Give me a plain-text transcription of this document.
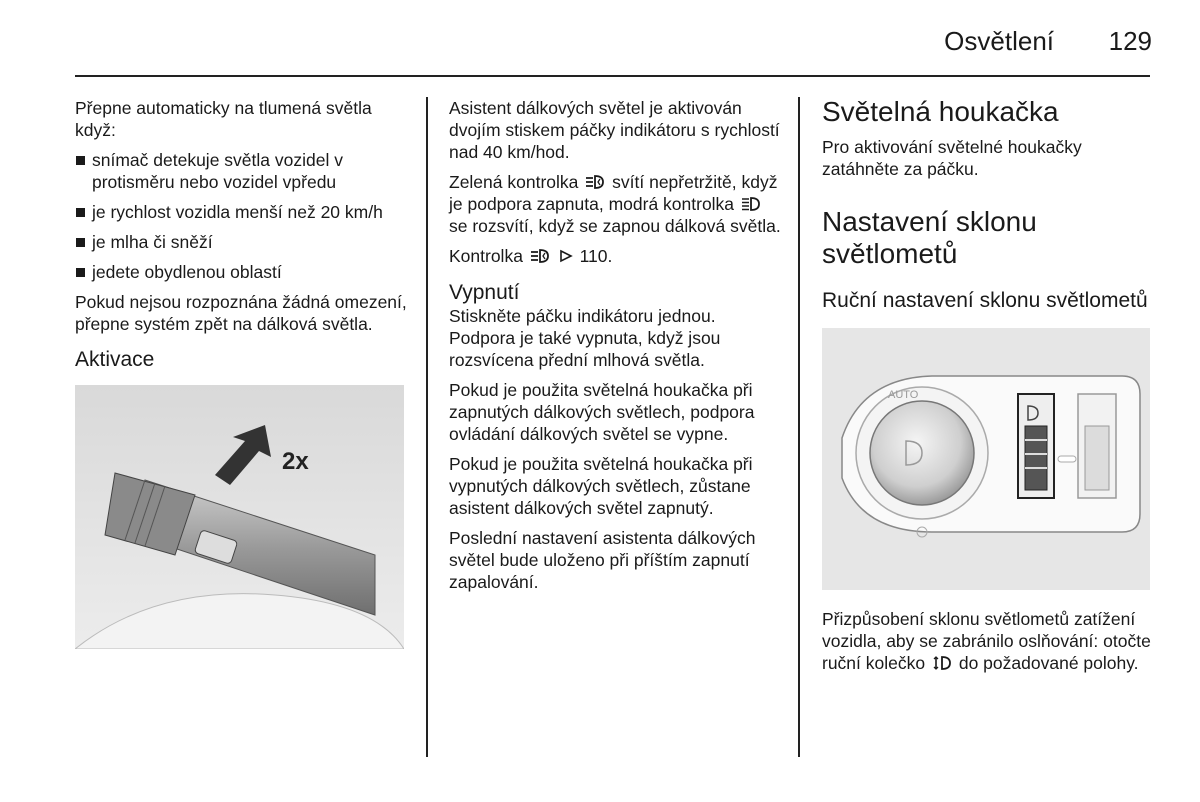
Osvětlení 129

Přepne automaticky na tlumená světla když:

snímač detekuje světla vozidel v protisměru nebo vozidel vpředu
je rychlost vozidla menší než 20 km/h
je mlha či sněží
jedete obydlenou oblastí

Pokud nejsou rozpoznána žádná omezení, přepne systém zpět na dálková světla.

Aktivace
2x

Asistent dálkových světel je aktivován dvojím stiskem páčky indikátoru s rychlostí nad 40 km/hod.

Zelená kontrolka svítí nepřetržitě, když je podpora zapnuta, modrá kontrolka  se rozsvítí, když se zapnou dálková světla.

Kontrolka	110.

Vypnutí

Stiskněte páčku indikátoru jednou. Podpora je také vypnuta, když jsou rozsvícena přední mlhová světla.

Pokud je použita světelná houkačka při zapnutých dálkových světlech, podpora ovládání dálkových světel se vypne.

Pokud je použita světelná houkačka při vypnutých dálkových světlech, zůstane asistent dálkových světel zapnutý.

Poslední nastavení asistenta dálkových světel bude uloženo při příštím zapnutí zapalování.

Světelná houkačka

Pro aktivování světelné houkačky zatáhněte za páčku.

Nastavení sklonu světlometů
Ruční nastavení sklonu světlometů
AUTO

Přizpůsobení sklonu světlometů zatížení vozidla, aby se zabránilo oslňování: otočte ruční kolečko do požadované polohy.
